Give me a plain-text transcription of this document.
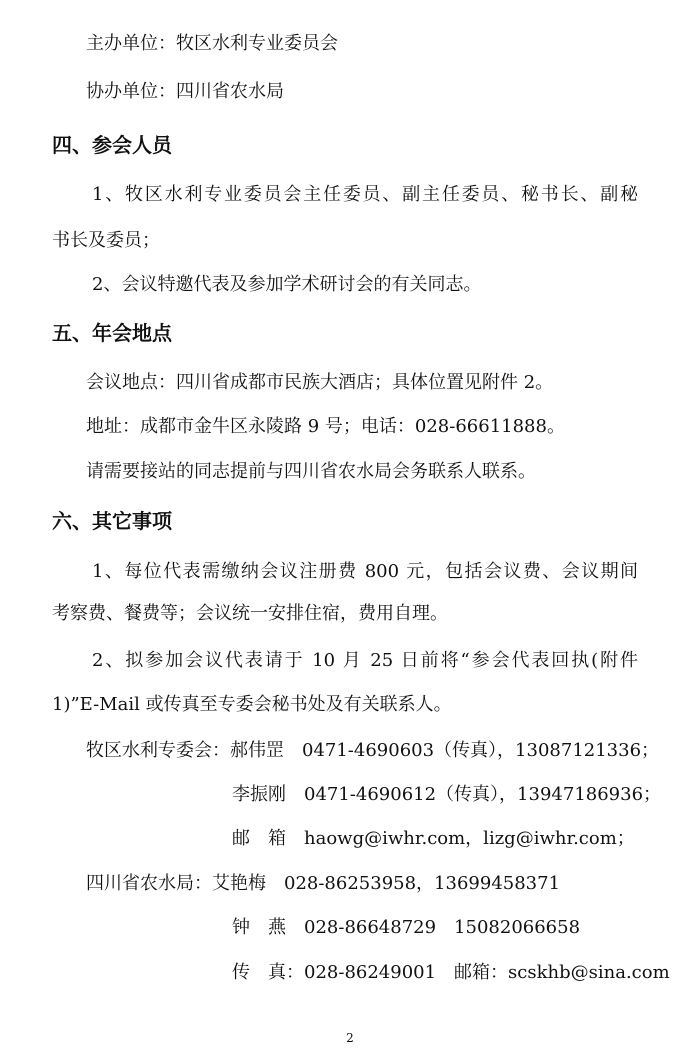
主办单位：牧区水利专业委员会
协办单位：四川省农水局
四、参会人员
1、牧区水利专业委员会主任委员、副主任委员、秘书长、副秘
书长及委员；
2、会议特邀代表及参加学术研讨会的有关同志。
五、年会地点
会议地点：四川省成都市民族大酒店；具体位置见附件 2。
地址：成都市金牛区永陵路 9 号；电话：028-66611888。
请需要接站的同志提前与四川省农水局会务联系人联系。
六、其它事项
1、每位代表需缴纳会议注册费 800 元，包括会议费、会议期间
考察费、餐费等；会议统一安排住宿，费用自理。
2、拟参加会议代表请于 10 月 25 日前将“参会代表回执(附件
1)”E-Mail 或传真至专委会秘书处及有关联系人。
牧区水利专委会：郝伟罡　0471-4690603（传真），13087121336；
李振刚　0471-4690612（传真），13947186936；
邮　箱　haowg@iwhr.com，lizg@iwhr.com；
四川省农水局：艾艳梅　028-86253958，13699458371
钟　燕　028-86648729　15082066658
传　真：028-86249001　邮箱：scskhb@sina.com
2
